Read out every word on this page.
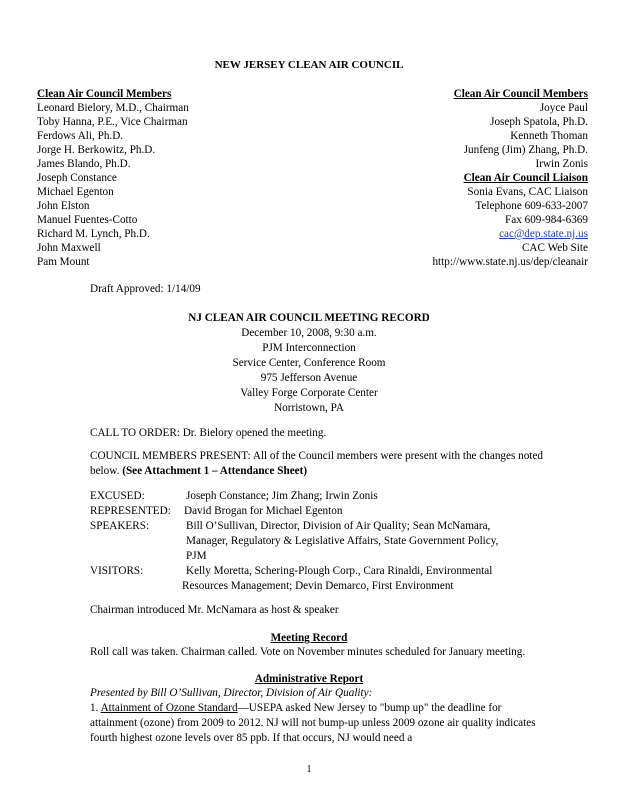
NEW JERSEY CLEAN AIR COUNCIL
Clean Air Council Members
Leonard Bielory, M.D., Chairman
Toby Hanna, P.E., Vice Chairman
Ferdows Ali, Ph.D.
Jorge H. Berkowitz, Ph.D.
James Blando, Ph.D.
Joseph Constance
Michael Egenton
John Elston
Manuel Fuentes-Cotto
Richard M. Lynch, Ph.D.
John Maxwell
Pam Mount
Clean Air Council Members
Joyce Paul
Joseph Spatola, Ph.D.
Kenneth Thoman
Junfeng (Jim) Zhang, Ph.D.
Irwin Zonis
Clean Air Council Liaison
Sonia Evans, CAC Liaison
Telephone 609-633-2007
Fax 609-984-6369
cac@dep.state.nj.us
CAC Web Site
http://www.state.nj.us/dep/cleanair
Draft Approved: 1/14/09
NJ CLEAN AIR COUNCIL MEETING RECORD
December 10, 2008, 9:30 a.m.
PJM Interconnection
Service Center, Conference Room
975 Jefferson Avenue
Valley Forge Corporate Center
Norristown, PA
CALL TO ORDER: Dr. Bielory opened the meeting.
COUNCIL MEMBERS PRESENT: All of the Council members were present with the changes noted below. (See Attachment 1 – Attendance Sheet)
EXCUSED:	Joseph Constance; Jim Zhang; Irwin Zonis
REPRESENTED: David Brogan for Michael Egenton
SPEAKERS:	Bill O’Sullivan, Director, Division of Air Quality; Sean McNamara,
Manager, Regulatory & Legislative Affairs, State Government Policy,
PJM
VISITORS:	Kelly Moretta, Schering-Plough Corp., Cara Rinaldi, Environmental
Resources Management; Devin Demarco, First Environment
Chairman introduced Mr. McNamara as host & speaker
Meeting Record
Roll call was taken. Chairman called. Vote on November minutes scheduled for January meeting.
Administrative Report
Presented by Bill O’Sullivan, Director, Division of Air Quality:
1. Attainment of Ozone Standard—USEPA asked New Jersey to "bump up" the deadline for attainment (ozone) from 2009 to 2012. NJ will not bump-up unless 2009 ozone air quality indicates fourth highest ozone levels over 85 ppb. If that occurs, NJ would need a
1
